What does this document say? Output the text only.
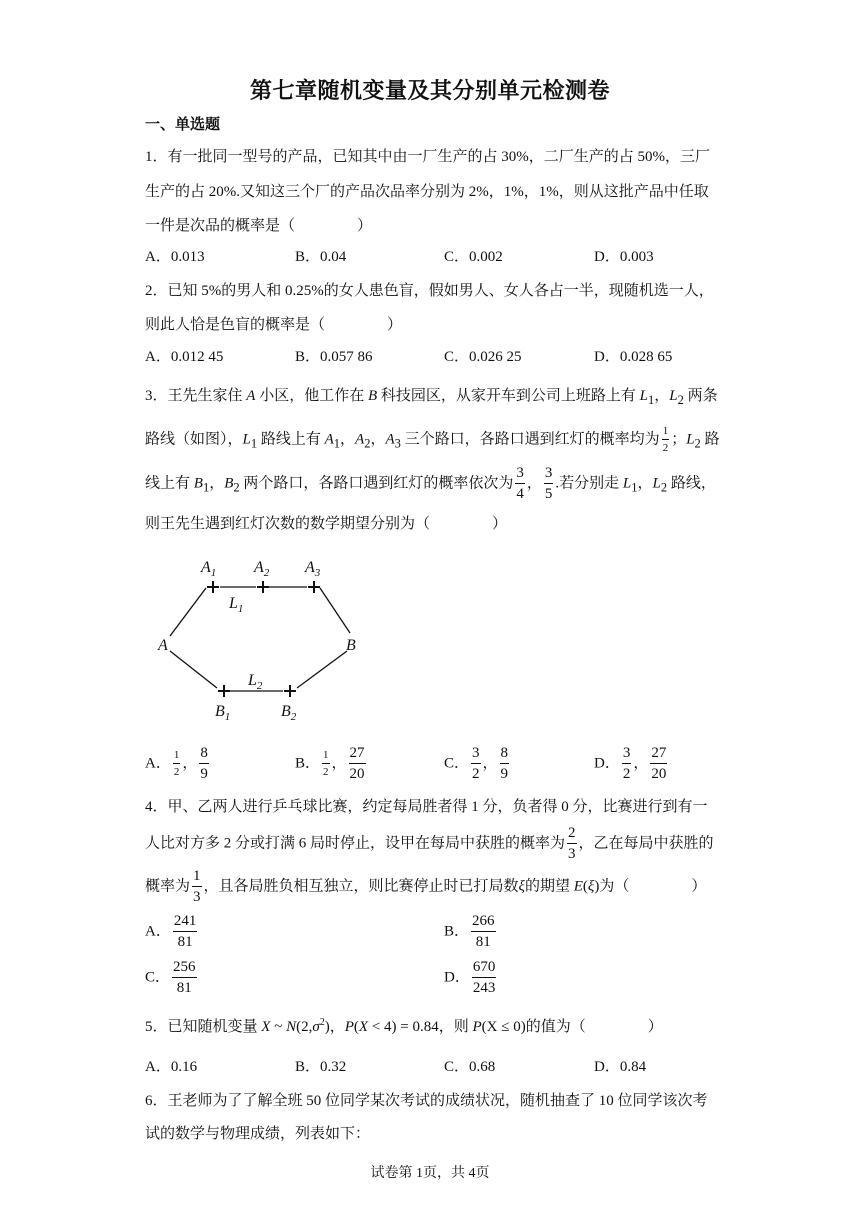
第七章随机变量及其分别单元检测卷
一、单选题
1．有一批同一型号的产品，已知其中由一厂生产的占 30%，二厂生产的占 50%，三厂
生产的占 20%.又知这三个厂的产品次品率分别为 2%，1%，1%，则从这批产品中任取
一件是次品的概率是（	）
A．0.013	B．0.04	C．0.002	D．0.003
2．已知 5%的男人和 0.25%的女人患色盲，假如男人、女人各占一半，现随机选一人，
则此人恰是色盲的概率是（	）
A．0.012 45	B．0.057 86	C．0.026 25	D．0.028 65
3．王先生家住 A 小区，他工作在 B 科技园区，从家开车到公司上班路上有 $L_1$，$L_2$ 两条
路线（如图），$L_1$ 路线上有 $A_1$，$A_2$，$A_3$ 三个路口，各路口遇到红灯的概率均为 $\frac{1}{2}$ ；$L_2$ 路
线上有 $B_1$，$B_2$ 两个路口，各路口遇到红灯的概率依次为 $\frac{3}{4}$ ， $\frac{3}{5}$ .若分别走 $L_1$，$L_2$ 路线，
则王先生遇到红灯次数的数学期望分别为（	）
$A_1$ $A_2$ $A_3$
$L_1$
A	B
$L_2$
$B_1$	$B_2$
A． $\frac{1}{2}$ ， $\frac{8}{9}$	B． $\frac{1}{2}$ ， $\frac{27}{20}$	C． $\frac{3}{2}$ ， $\frac{8}{9}$	D． $\frac{3}{2}$ ， $\frac{27}{20}$
4．甲、乙两人进行乒乓球比赛，约定每局胜者得 1 分，负者得 0 分，比赛进行到有一
人比对方多 2 分或打满 6 局时停止，设甲在每局中获胜的概率为 $\frac{2}{3}$ ，乙在每局中获胜的
概率为 $\frac{1}{3}$ ，且各局胜负相互独立，则比赛停止时已打局数ξ的期望 E(ξ)为（	）
A． $\frac{241}{81}$	B． $\frac{266}{81}$
C． $\frac{256}{81}$	D． $\frac{670}{243}$
5．已知随机变量 X ~ $N(2,\sigma^2)$，P(X < 4) = 0.84，则 P(X ≤ 0)的值为（	）
A．0.16	B．0.32	C．0.68	D．0.84
6．王老师为了了解全班 50 位同学某次考试的成绩状况，随机抽查了 10 位同学该次考
试的数学与物理成绩，列表如下：
试卷第 1页，共 4页
